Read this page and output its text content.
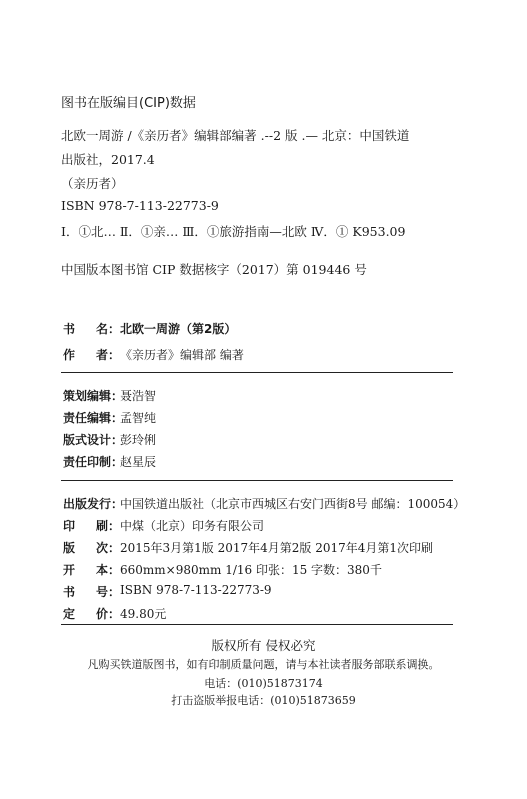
图书在版编目(CIP)数据
北欧一周游 /《亲历者》编辑部编著 .--2 版 .— 北京：中国铁道
出版社，2017.4
（亲历者）
ISBN 978-7-113-22773-9
Ⅰ．①北… Ⅱ．①亲… Ⅲ．①旅游指南—北欧 Ⅳ．① K953.09
中国版本图书馆 CIP 数据核字（2017）第 019446 号
书 名： 北欧一周游（第2版）
作 者： 《亲历者》编辑部 编著
策划编辑：
聂浩智
责任编辑：
孟智纯
版式设计：
彭玲俐
责任印制：
赵星辰
出版发行 ：
中国铁道出版社（北京市西城区右安门西街8号 邮编：100054）
印 刷： 中煤（北京）印务有限公司
版 次： 2015年3月第1版 2017年4月第2版 2017年4月第1次印刷
开 本： 660mm×980mm 1/16 印张：15 字数：380千
书 号： ISBN 978-7-113-22773-9
定 价： 49.80元
版权所有 侵权必究
凡购买铁道版图书，如有印制质量问题，请与本社读者服务部联系调换。
电话：(010)51873174
打击盗版举报电话：(010)51873659
